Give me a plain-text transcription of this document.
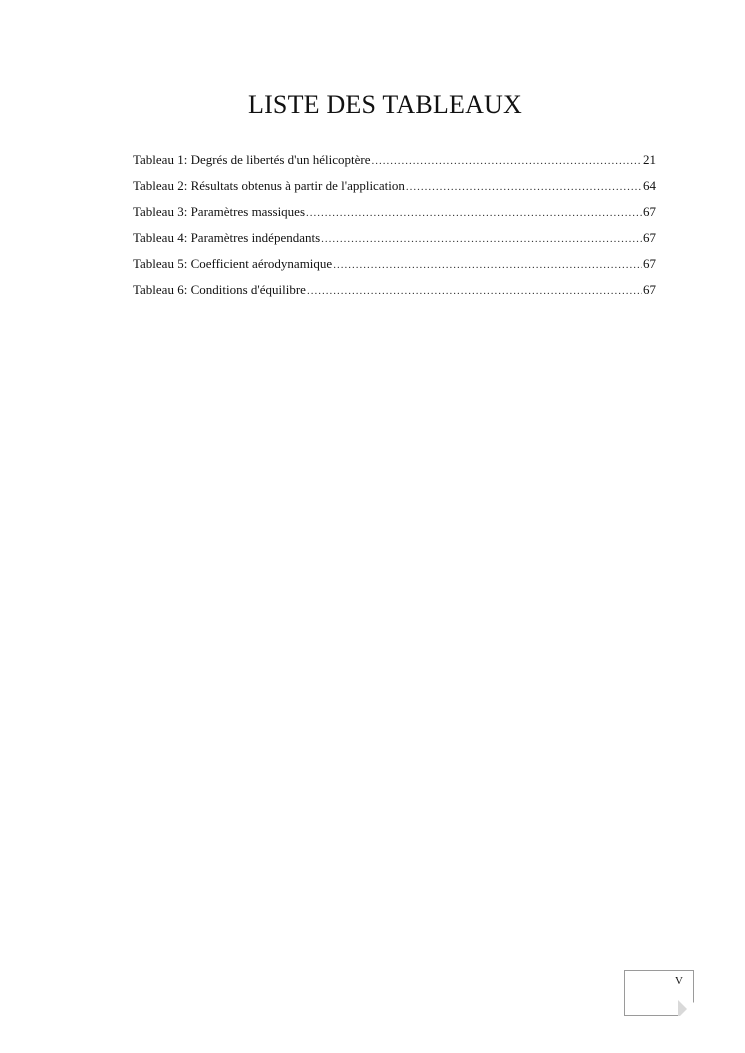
LISTE DES TABLEAUX
Tableau 1: Degrés de libertés d'un hélicoptère .....	21
Tableau 2: Résultats obtenus à partir de l'application .....	64
Tableau 3: Paramètres massiques .....	67
Tableau 4: Paramètres indépendants .....	67
Tableau 5: Coefficient aérodynamique .....	67
Tableau 6: Conditions d'équilibre .....	67
V
